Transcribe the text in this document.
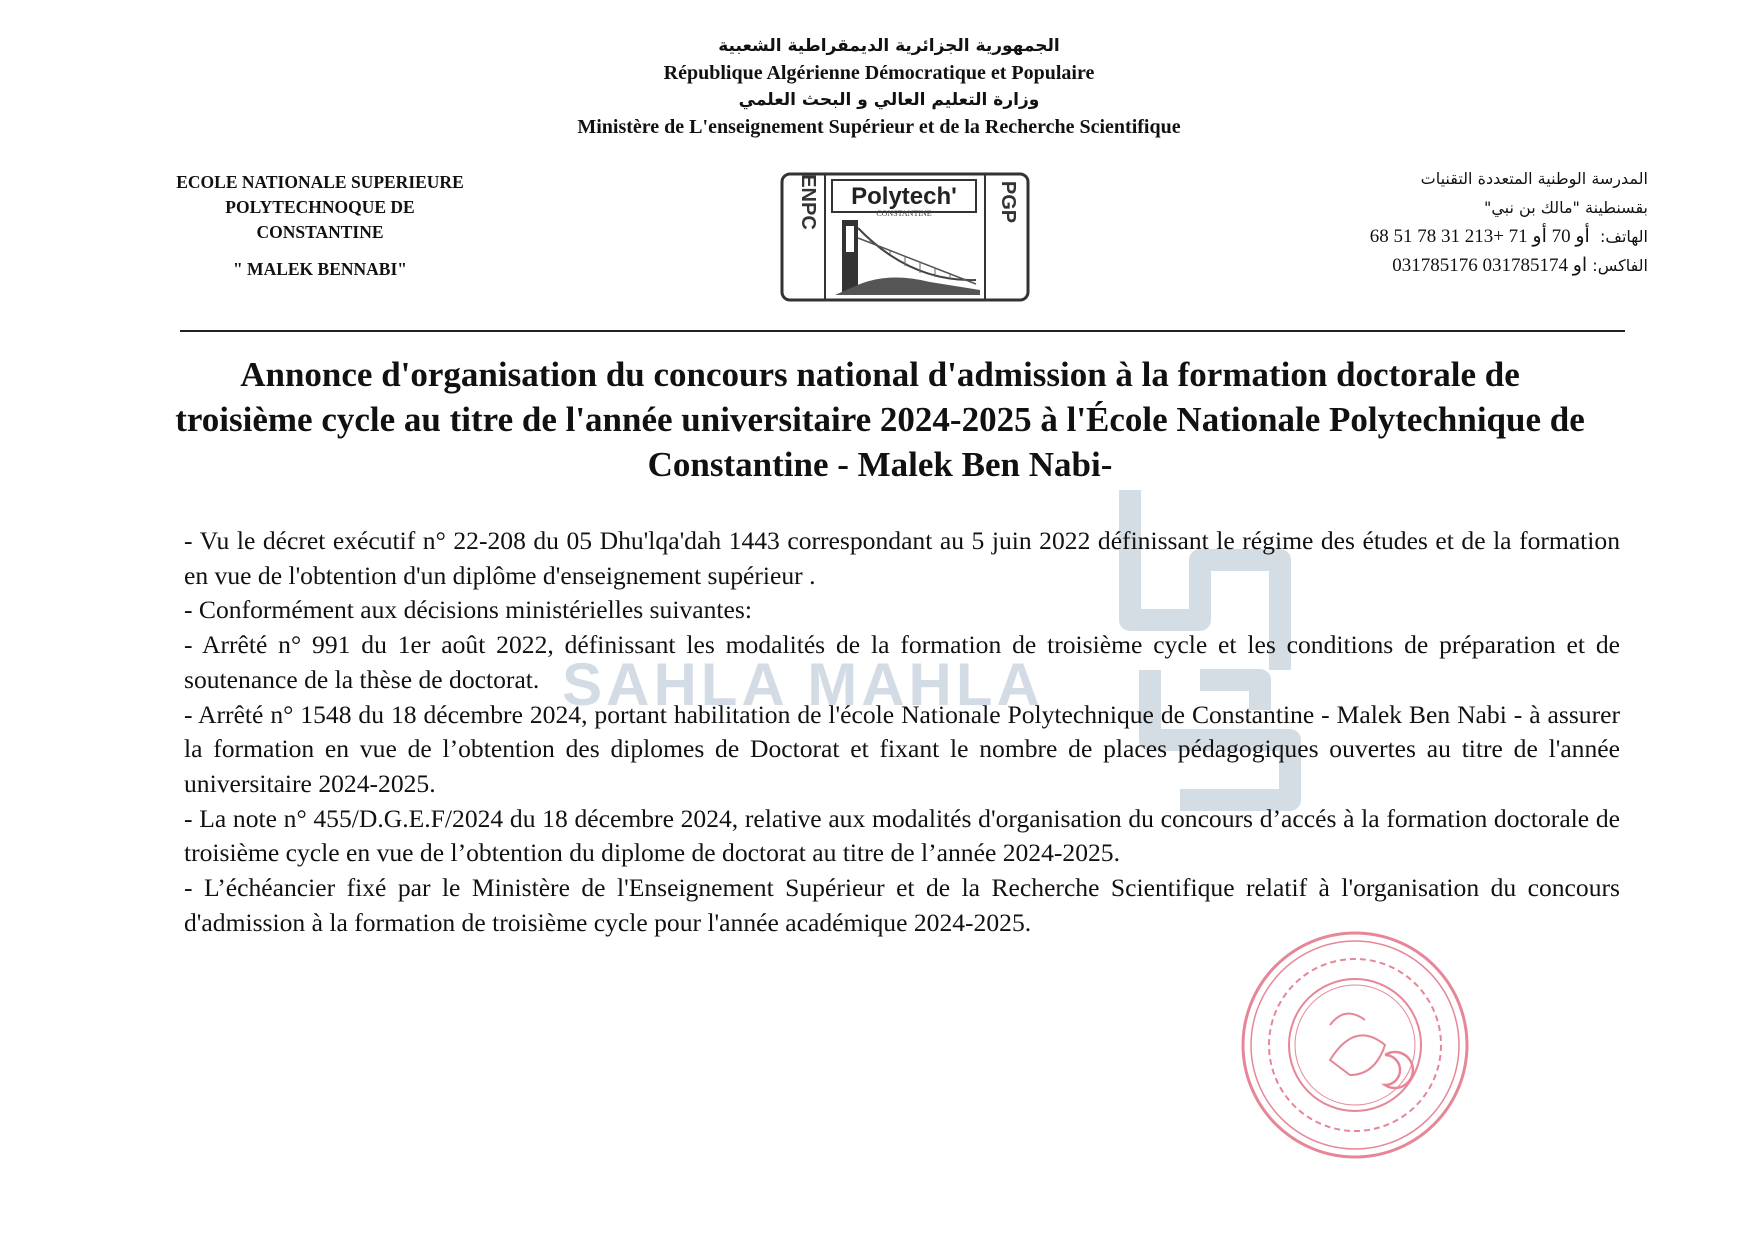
الجمهورية الجزائرية الديمقراطية الشعبية
République Algérienne Démocratique et Populaire
وزارة التعليم العالي و البحث العلمي
Ministère de L'enseignement Supérieur et de la Recherche Scientifique
ECOLE NATIONALE SUPERIEURE
POLYTECHNOQUE DE
CONSTANTINE
" MALEK BENNABI"
Polytech'
CONSTANTINE
ENPC	PGP
المدرسة الوطنية المتعددة التقنيات
بقسنطينة "مالك بن نبي"
الهاتف:  68 51 78 31 213+ أو 70 أو 71
الفاكس: 031785176 او 031785174
Annonce d'organisation du concours national d'admission à la formation doctorale de troisième cycle au titre de l'année universitaire 2024-2025 à l'École Nationale Polytechnique de Constantine - Malek Ben Nabi-
SAHLA MAHLA

- Vu le décret exécutif n° 22-208 du 05 Dhu'lqa'dah 1443 correspondant au 5 juin 2022 définissant le régime des études et de la formation en vue de l'obtention d'un diplôme d'enseignement supérieur .

- Conformément aux décisions ministérielles suivantes:

- Arrêté n° 991 du 1er août 2022, définissant les modalités de la formation de troisième cycle et les conditions de préparation et de soutenance de la thèse de doctorat.

- Arrêté n° 1548 du 18 décembre 2024, portant habilitation de l'école Nationale Polytechnique de Constantine - Malek Ben Nabi - à assurer la formation en vue de l’obtention des diplomes de Doctorat et fixant le nombre de places pédagogiques ouvertes au titre de l'année universitaire 2024-2025.

- La note n° 455/D.G.E.F/2024 du 18 décembre 2024, relative aux modalités d'organisation du concours d’accés à la formation doctorale de troisième cycle en vue de l’obtention du diplome de doctorat au titre de l’année 2024-2025.

- L’échéancier fixé par le Ministère de l'Enseignement Supérieur et de la Recherche Scientifique relatif à l'organisation du concours d'admission à la formation de troisième cycle pour l'année académique 2024-2025.
